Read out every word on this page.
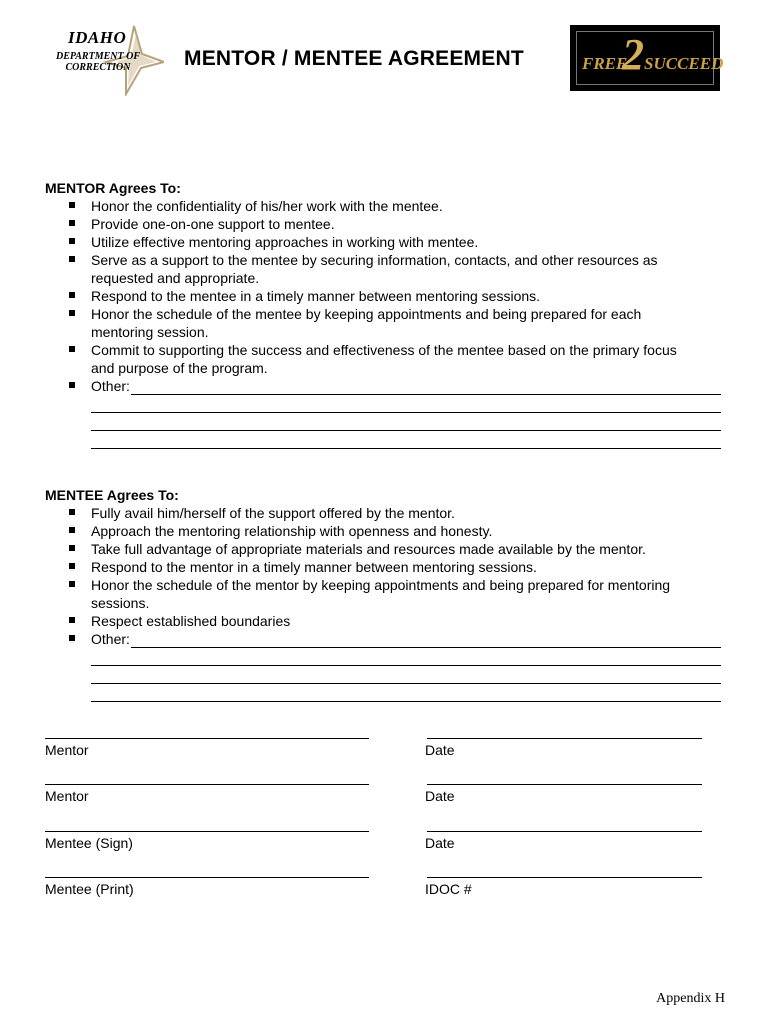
IDAHO
DEPARTMENT OF
CORRECTION	MENTOR / MENTEE AGREEMENT	FREE
2 SUCCEED
MENTOR Agrees To:
Honor the confidentiality of his/her work with the mentee.
Provide one-on-one support to mentee.
Utilize effective mentoring approaches in working with mentee.
Serve as a support to the mentee by securing information, contacts, and other resources as
requested and appropriate.
Respond to the mentee in a timely manner between mentoring sessions.
Honor the schedule of the mentee by keeping appointments and being prepared for each
mentoring session.
Commit to supporting the success and effectiveness of the mentee based on the primary focus
and purpose of the program.
Other:
MENTEE Agrees To:
Fully avail him/herself of the support offered by the mentor.
Approach the mentoring relationship with openness and honesty.
Take full advantage of appropriate materials and resources made available by the mentor.
Respond to the mentor in a timely manner between mentoring sessions.
Honor the schedule of the mentor by keeping appointments and being prepared for mentoring
sessions.
Respect established boundaries
Other:
Mentor	Date
Mentor	Date
Mentee (Sign)	Date
Mentee (Print)	IDOC #
Appendix H
